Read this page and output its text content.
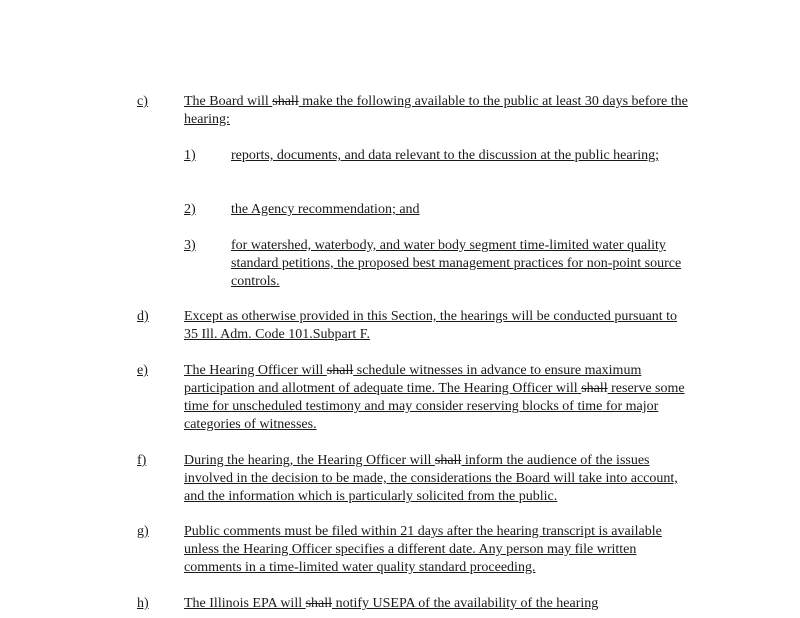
c)	The Board will shall make the following available to the public at least 30 days before the hearing:
1)	reports, documents, and data relevant to the discussion at the public hearing;
2)	the Agency recommendation; and
3)	for watershed, waterbody, and water body segment time-limited water quality standard petitions, the proposed best management practices for non-point source controls.
d)	Except as otherwise provided in this Section, the hearings will be conducted pursuant to 35 Ill. Adm. Code 101.Subpart F.
e)	The Hearing Officer will shall schedule witnesses in advance to ensure maximum participation and allotment of adequate time. The Hearing Officer will shall reserve some time for unscheduled testimony and may consider reserving blocks of time for major categories of witnesses.
f)	During the hearing, the Hearing Officer will shall inform the audience of the issues involved in the decision to be made, the considerations the Board will take into account, and the information which is particularly solicited from the public.
g)	Public comments must be filed within 21 days after the hearing transcript is available unless the Hearing Officer specifies a different date. Any person may file written comments in a time-limited water quality standard proceeding.
h)	The Illinois EPA will shall notify USEPA of the availability of the hearing
